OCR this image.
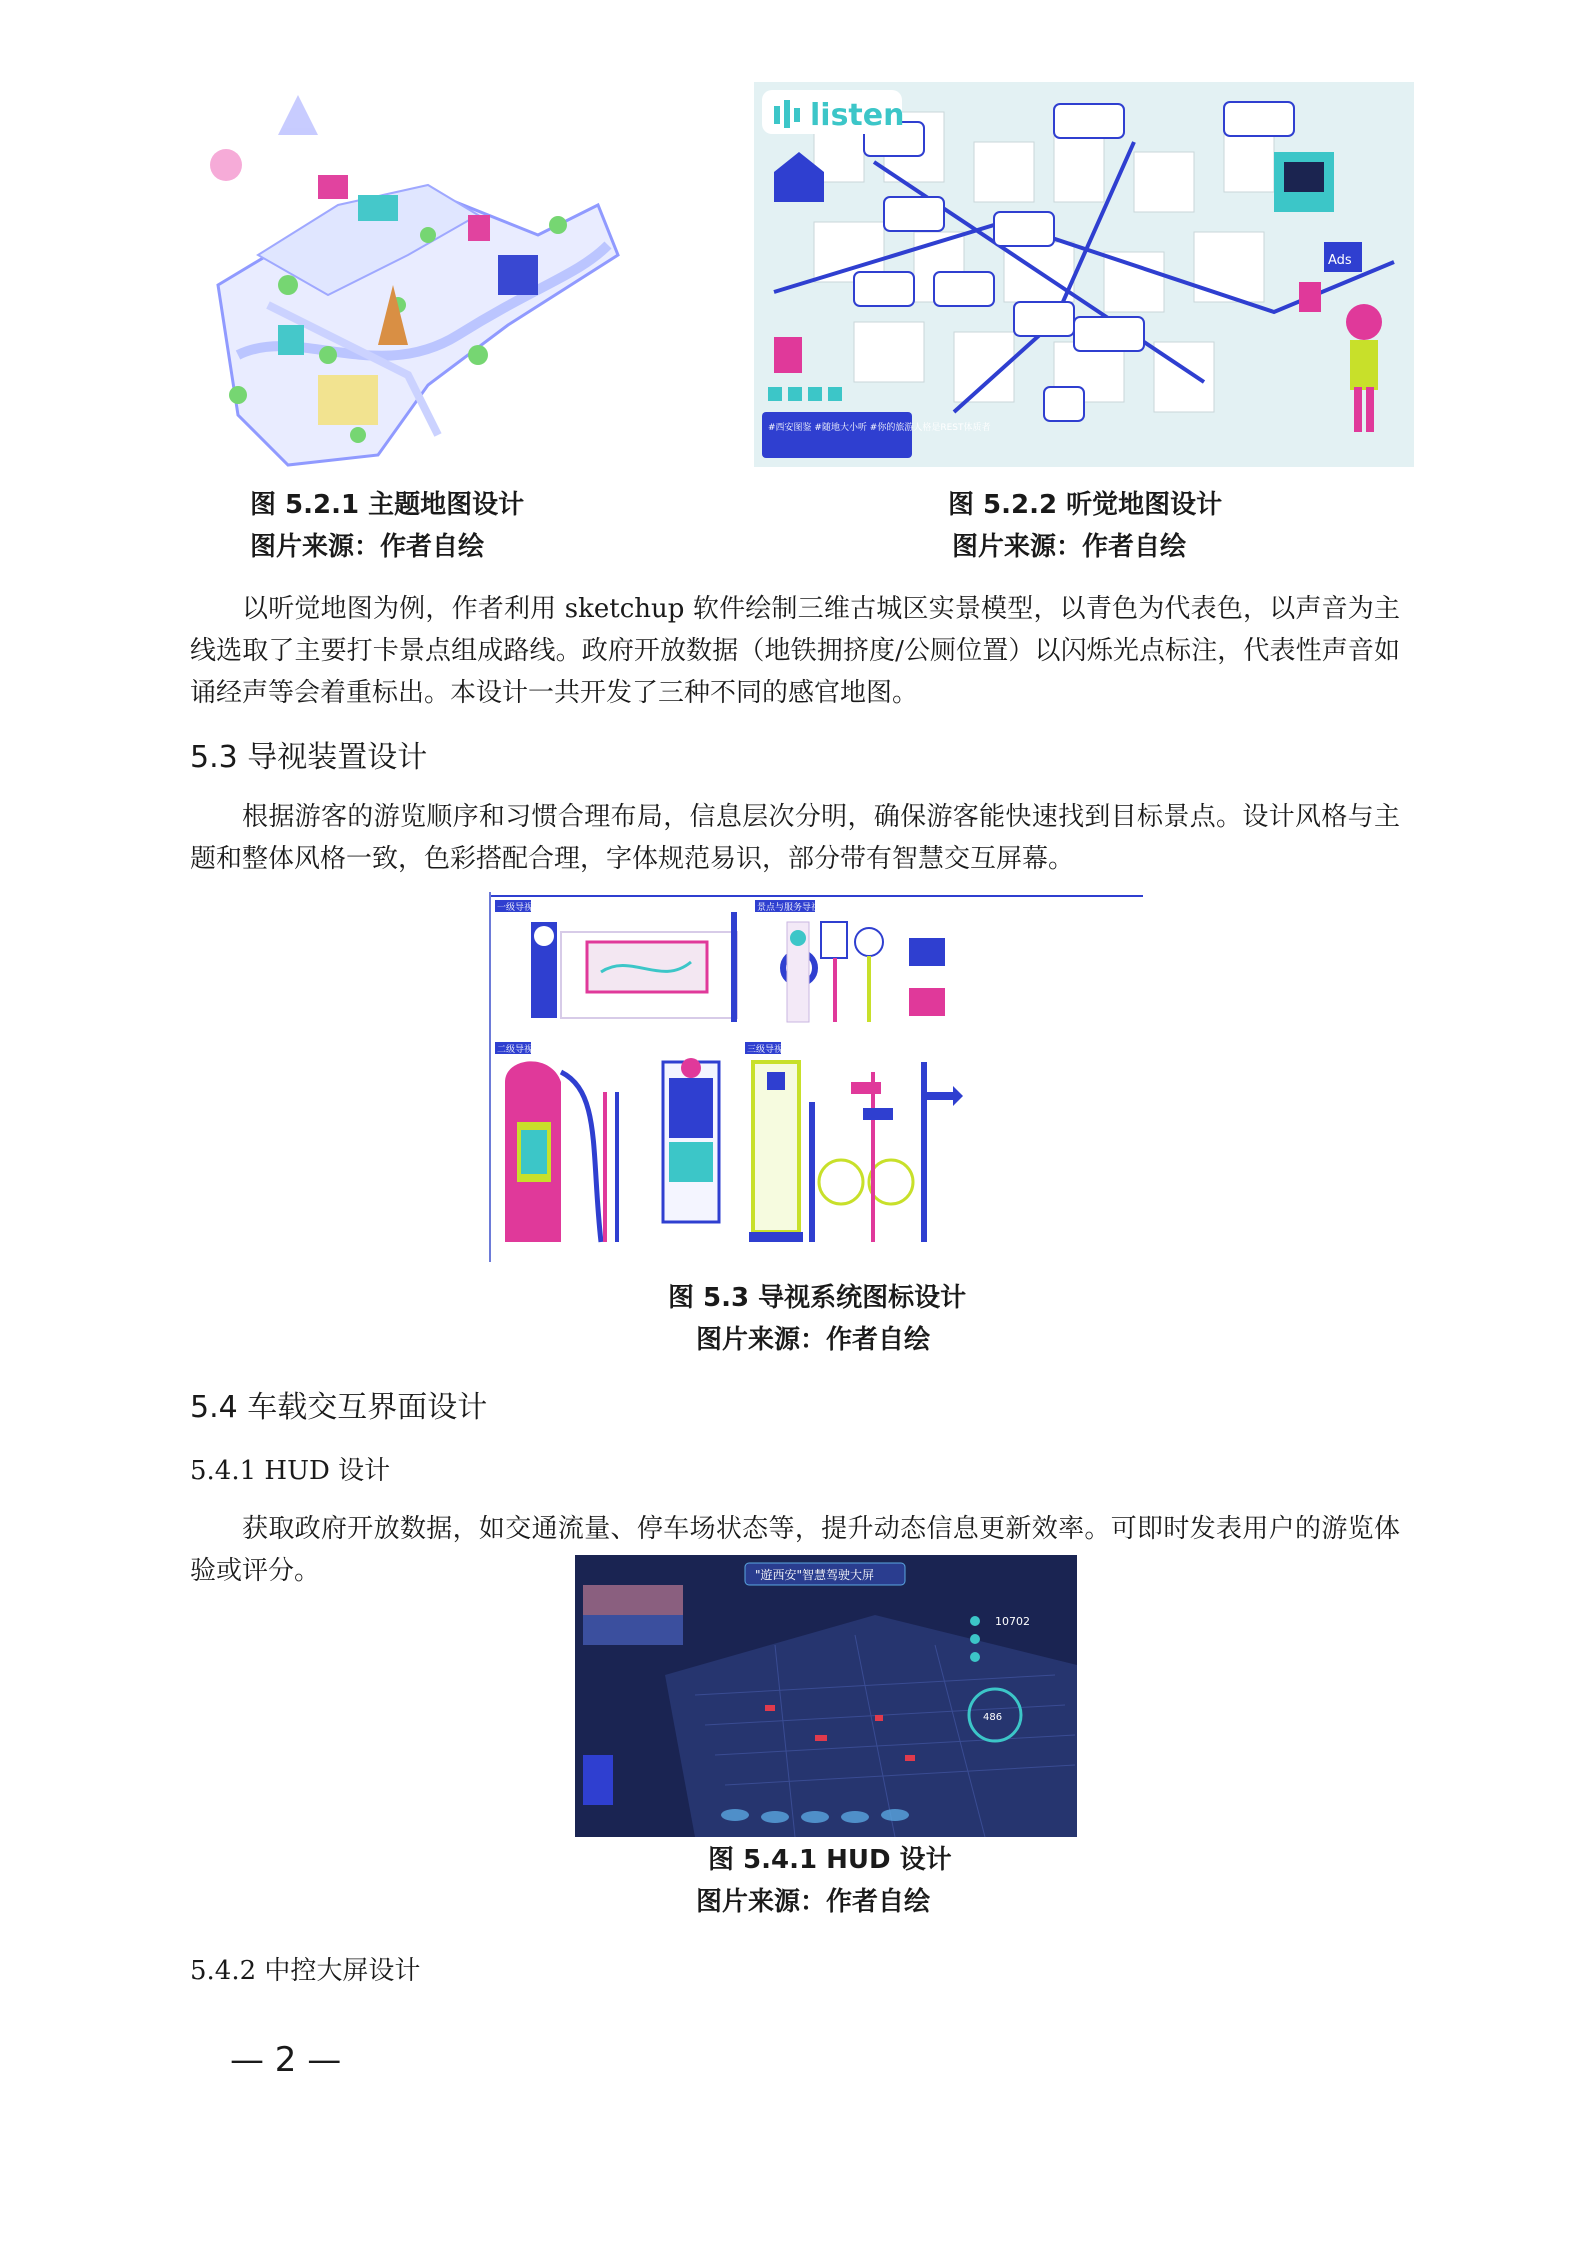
图 5.2.1 主题地图设计
图片来源：作者自绘
listen
Ads
#西安图鉴 #随地大小听 #你的旅游人格是REST体质者
图 5.2.2 听觉地图设计
图片来源：作者自绘

以听觉地图为例，作者利用 sketchup 软件绘制三维古城区实景模型，以青色为代表色，以声音为主线选取了主要打卡景点组成路线。政府开放数据（地铁拥挤度/公厕位置）以闪烁光点标注，代表性声音如诵经声等会着重标出。本设计一共开发了三种不同的感官地图。

5.3 导视装置设计

根据游客的游览顺序和习惯合理布局，信息层次分明，确保游客能快速找到目标景点。设计风格与主题和整体风格一致，色彩搭配合理，字体规范易识，部分带有智慧交互屏幕。

一级导视	景点与服务导视
二级导视	三级导视
图 5.3 导视系统图标设计
图片来源：作者自绘
5.4 车载交互界面设计
5.4.1 HUD 设计

获取政府开放数据，如交通流量、停车场状态等，提升动态信息更新效率。可即时发表用户的游览体验或评分。	"遊西安"智慧驾驶大屏
486
10702
图 5.4.1 HUD 设计
图片来源：作者自绘
5.4.2 中控大屏设计
— 2 —
